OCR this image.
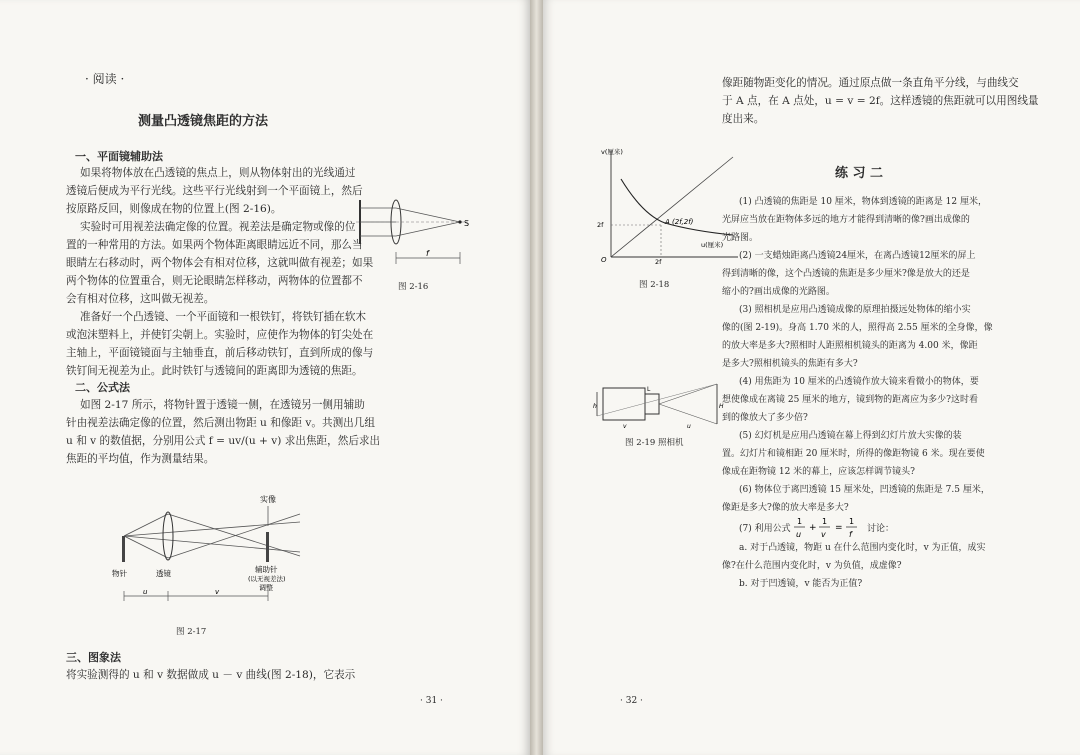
· 阅读 ·
测量凸透镜焦距的方法
一、平面镜辅助法
如果将物体放在凸透镜的焦点上，则从物体射出的光线通过
透镜后便成为平行光线。这些平行光线射到一个平面镜上，然后
按原路反回，则像成在物的位置上(图 2-16)。
实验时可用视差法确定像的位置。视差法是确定物或像的位
置的一种常用的方法。如果两个物体距离眼睛远近不同，那么当
眼睛左右移动时，两个物体会有相对位移，这就叫做有视差；如果
两个物体的位置重合，则无论眼睛怎样移动，两物体的位置都不
会有相对位移，这叫做无视差。
准备好一个凸透镜、一个平面镜和一根铁钉，将铁钉插在软木
或泡沫塑料上，并使钉尖朝上。实验时，应使作为物体的钉尖处在
主轴上，平面镜镜面与主轴垂直，前后移动铁钉，直到所成的像与
铁钉间无视差为止。此时铁钉与透镜间的距离即为透镜的焦距。
二、公式法
如图 2-17 所示，将物针置于透镜一侧，在透镜另一侧用辅助
针由视差法确定像的位置，然后测出物距 u 和像距 v。共测出几组
u 和 v 的数值据，分别用公式 f = uv/(u + v) 求出焦距，然后求出
焦距的平均值，作为测量结果。
S
f
图 2-16
实像
物针	透镜	辅助针
(以无视差法)
调整
u	v
图 2-17
三、图象法
将实验测得的 u 和 v 数据做成 u － v 曲线(图 2-18)，它表示
· 31 ·
像距随物距变化的情况。通过原点做一条直角平分线，与曲线交
于 A 点，在 A 点处，u = v = 2f。这样透镜的焦距就可以用图线量
度出来。
v(厘米)
u(厘米)
A (2f,2f)
O	2f
2f
图 2-18
L
h	H
v	u
图 2-19 照相机
练 习 二
(1) 凸透镜的焦距是 10 厘米，物体到透镜的距离是 12 厘米，
光屏应当放在距物体多远的地方才能得到清晰的像?画出成像的
光路图。
(2) 一支蜡烛距离凸透镜24厘米，在离凸透镜12厘米的屏上
得到清晰的像，这个凸透镜的焦距是多少厘米?像是放大的还是
缩小的?画出成像的光路图。
(3) 照相机是应用凸透镜成像的原理拍摄远处物体的缩小实
像的(图 2-19)。身高 1.70 米的人，照得高 2.55 厘米的全身像，像
的放大率是多大?照相时人距照相机镜头的距离为 4.00 米，像距
是多大?照相机镜头的焦距有多大?
(4) 用焦距为 10 厘米的凸透镜作放大镜来看微小的物体，要
想使像成在离镜 25 厘米的地方，镜到物的距离应为多少?这时看
到的像放大了多少倍?
(5) 幻灯机是应用凸透镜在幕上得到幻灯片放大实像的装
置。幻灯片和镜相距 20 厘米时，所得的像距物镜 6 米。现在要使
像成在距物镜 12 米的幕上，应该怎样调节镜头?
(6) 物体位于离凹透镜 15 厘米处，凹透镜的焦距是 7.5 厘米，
像距是多大?像的放大率是多大?
(7) 利用公式
1
u
+
1
v
=
1
f
讨论：
a. 对于凸透镜，物距 u 在什么范围内变化时，v 为正值，成实
像?在什么范围内变化时，v 为负值，成虚像?
b. 对于凹透镜，v 能否为正值?
· 32 ·
